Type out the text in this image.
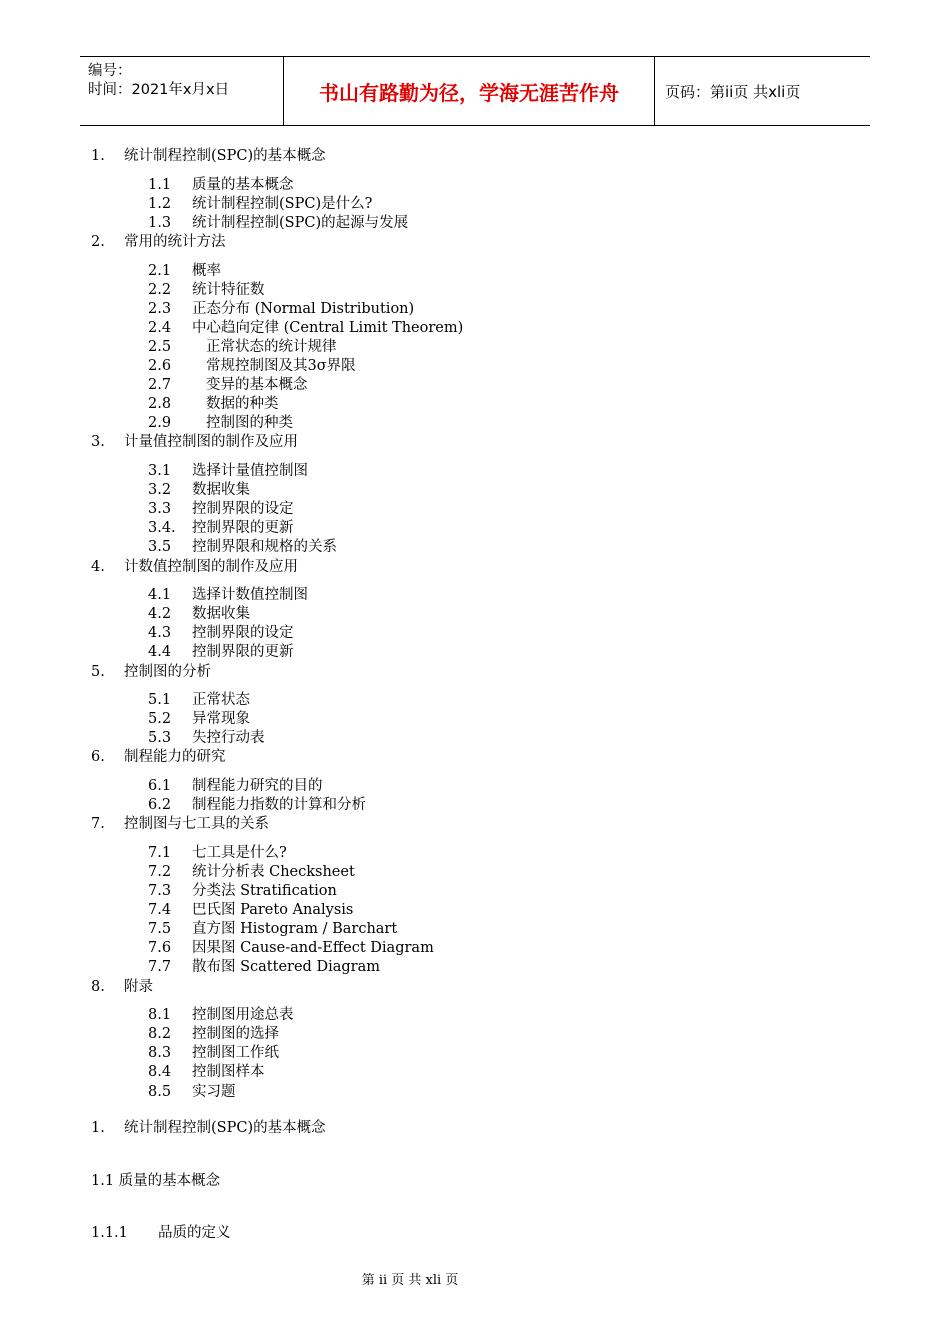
编号：
时间：2021年x月x日	书山有路勤为径，学海无涯苦作舟	页码：第ii页 共xli页
1. 统计制程控制(SPC)的基本概念
1.1 质量的基本概念
1.2 统计制程控制(SPC)是什么?
1.3 统计制程控制(SPC)的起源与发展
2. 常用的统计方法
2.1 概率
2.2 统计特征数
2.3 正态分布 (Normal Distribution)
2.4 中心趋向定律 (Central Limit Theorem)
2.5 正常状态的统计规律
2.6 常规控制图及其3σ界限
2.7 变异的基本概念
2.8 数据的种类
2.9 控制图的种类
3. 计量值控制图的制作及应用
3.1 选择计量值控制图
3.2 数据收集
3.3 控制界限的设定
3.4. 控制界限的更新
3.5 控制界限和规格的关系
4. 计数值控制图的制作及应用
4.1 选择计数值控制图
4.2 数据收集
4.3 控制界限的设定
4.4 控制界限的更新
5. 控制图的分析
5.1 正常状态
5.2 异常现象
5.3 失控行动表
6. 制程能力的研究
6.1 制程能力研究的目的
6.2 制程能力指数的计算和分析
7. 控制图与七工具的关系
7.1 七工具是什么?
7.2 统计分析表 Checksheet
7.3 分类法 Stratification
7.4 巴氏图 Pareto Analysis
7.5 直方图 Histogram / Barchart
7.6 因果图 Cause-and-Effect Diagram
7.7 散布图 Scattered Diagram
8. 附录
8.1 控制图用途总表
8.2 控制图的选择
8.3 控制图工作纸
8.4 控制图样本
8.5 实习题
1. 统计制程控制(SPC)的基本概念
1.1 质量的基本概念
1.1.1 品质的定义
第 ii 页 共 xli 页
